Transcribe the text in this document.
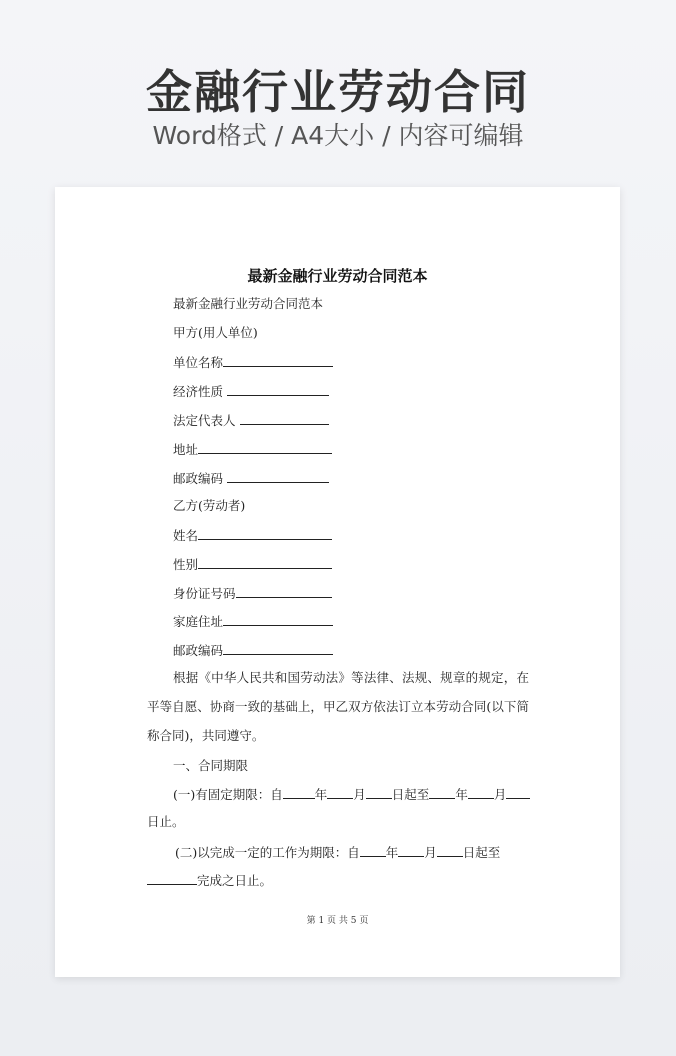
金融行业劳动合同
Word格式 / A4大小 / 内容可编辑
最新金融行业劳动合同范本
最新金融行业劳动合同范本
甲方(用人单位)
单位名称
经济性质
法定代表人
地址
邮政编码
乙方(劳动者)
姓名
性别
身份证号码
家庭住址
邮政编码
根据《中华人民共和国劳动法》等法律、法规、规章的规定，在平等自愿、协商一致的基础上，甲乙双方依法订立本劳动合同(以下简称合同)，共同遵守。
一、合同期限
(一)有固定期限：自	年 月 日起至 年 月
日止。
(二)以完成一定的工作为期限：自 年 月 日起至
完成之日止。
第 1 页 共 5 页
